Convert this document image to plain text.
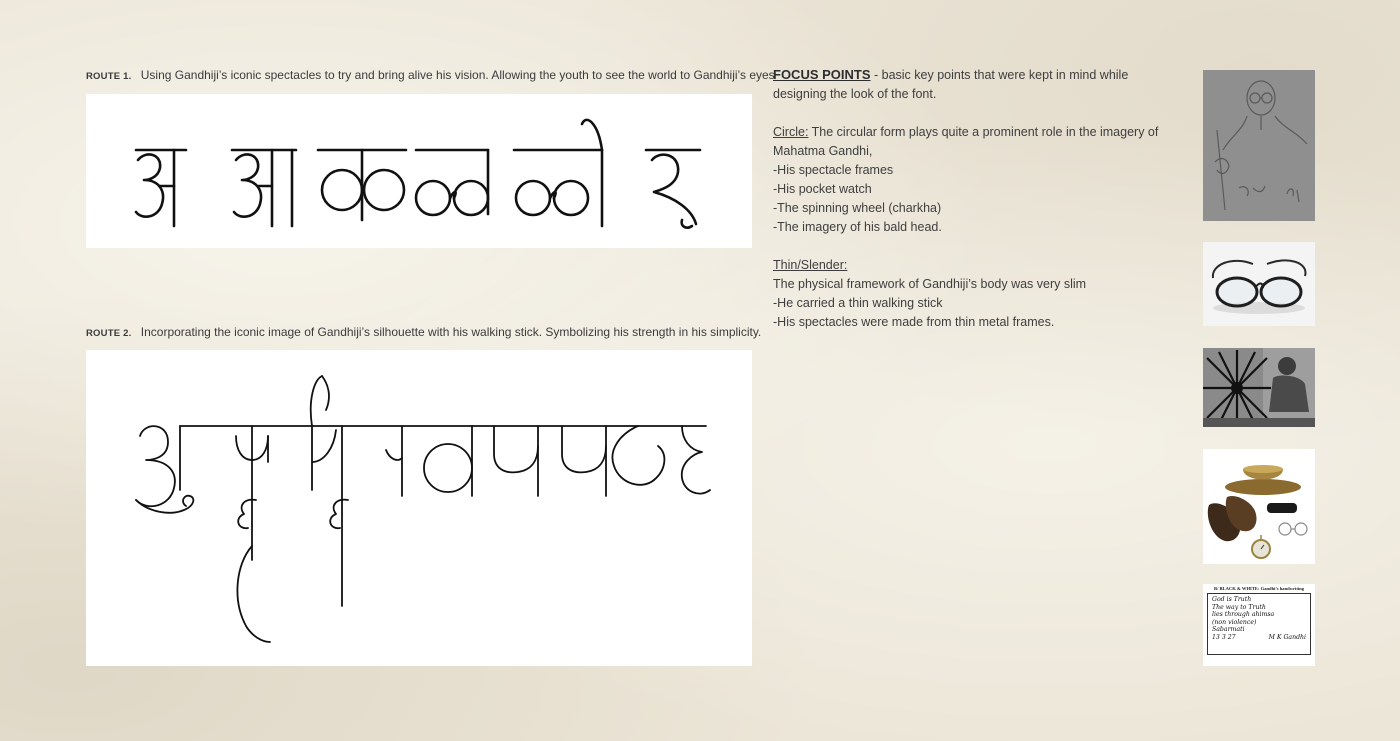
ROUTE 1. Using Gandhiji’s iconic spectacles to try and bring alive his vision. Allowing the youth to see the world to Gandhiji’s eyes
ROUTE 2. Incorporating the iconic image of Gandhiji’s silhouette with his walking stick. Symbolizing his strength in his simplicity.

FOCUS POINTS - basic key points that were kept in mind while designing the look of the font.

Circle: The circular form plays quite a prominent role in the imagery of Mahatma Gandhi,

-His spectacle frames

-His pocket watch

-The spinning wheel (charkha)

-The imagery of his bald head.

Thin/Slender:

The physical framework of Gandhiji’s body was very slim

-He carried a thin walking stick

-His spectacles were made from thin metal frames.

B/ BLACK & WHITE: Gandhi’s handwriting
God is Truth
The way to Truth
lies through ahimsa
(non violence)
Sabarmati
13 3 27	M K Gandhi
